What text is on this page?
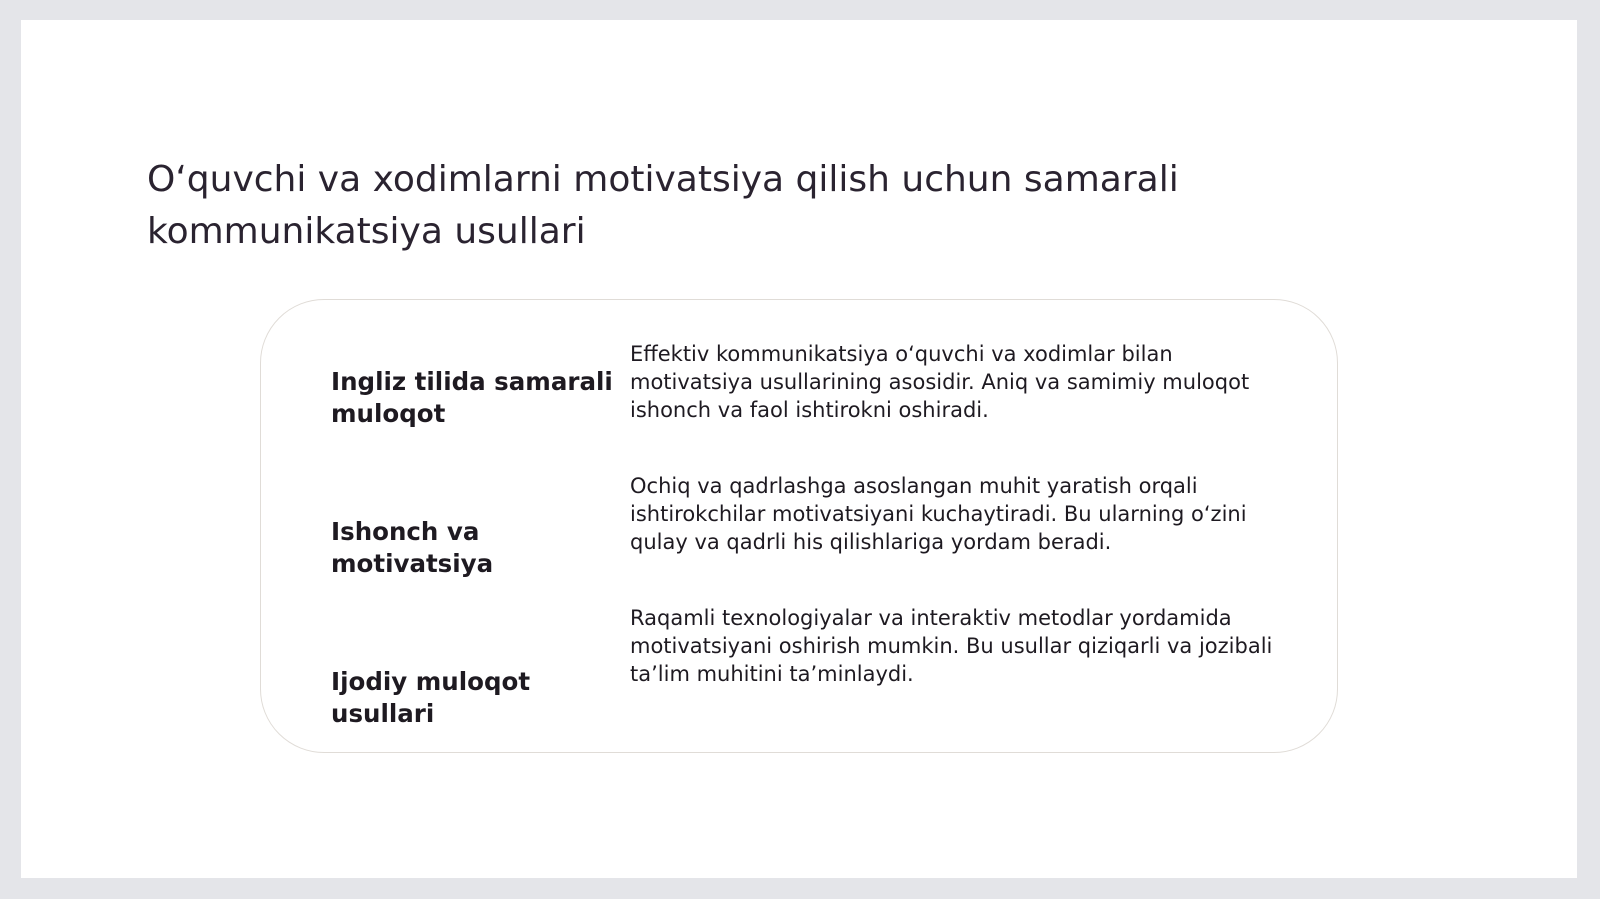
O‘quvchi va xodimlarni motivatsiya qilish uchun samarali kommunikatsiya usullari

Ingliz tilida samarali muloqot

Effektiv kommunikatsiya o‘quvchi va xodimlar bilan motivatsiya usullarining asosidir. Aniq va samimiy muloqot ishonch va faol ishtirokni oshiradi.

Ishonch va motivatsiya

Ochiq va qadrlashga asoslangan muhit yaratish orqali ishtirokchilar motivatsiyani kuchaytiradi. Bu ularning o‘zini qulay va qadrli his qilishlariga yordam beradi.

Ijodiy muloqot usullari

Raqamli texnologiyalar va interaktiv metodlar yordamida motivatsiyani oshirish mumkin. Bu usullar qiziqarli va jozibali ta’lim muhitini ta’minlaydi.
